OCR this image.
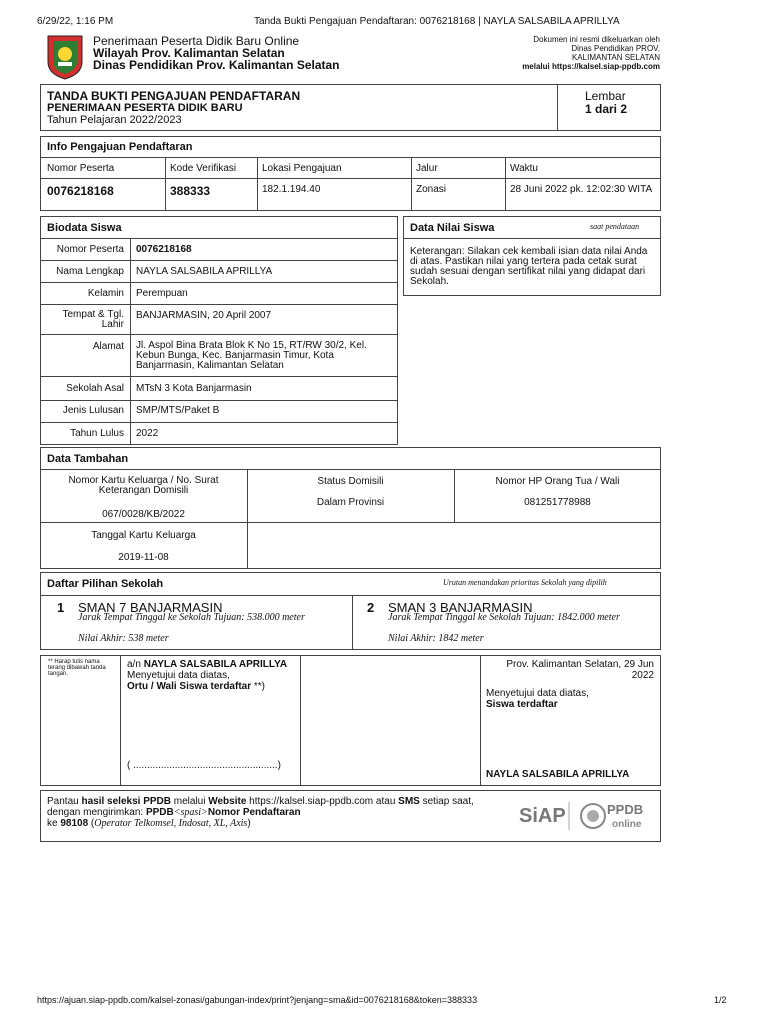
6/29/22, 1:16 PM	Tanda Bukti Pengajuan Pendaftaran: 0076218168 | NAYLA SALSABILA APRILLYA
Penerimaan Peserta Didik Baru Online
Wilayah Prov. Kalimantan Selatan
Dinas Pendidikan Prov. Kalimantan Selatan
Dokumen ini resmi dikeluarkan oleh
Dinas Pendidikan PROV.
KALIMANTAN SELATAN
melalui https://kalsel.siap-ppdb.com
TANDA BUKTI PENGAJUAN PENDAFTARAN
PENERIMAAN PESERTA DIDIK BARU
Tahun Pelajaran 2022/2023
Lembar
1 dari 2
Info Pengajuan Pendaftaran
Nomor Peserta	Kode Verifikasi	Lokasi Pengajuan	Jalur	Waktu
0076218168	388333	182.1.194.40	Zonasi	28 Juni 2022 pk. 12:02:30 WITA
Biodata Siswa
Nomor Peserta 0076218168
Nama Lengkap NAYLA SALSABILA APRILLYA
Kelamin Perempuan
Tempat & Tgl. Lahir
BANJARMASIN, 20 April 2007
Alamat Jl. Aspol Bina Brata Blok K No 15, RT/RW 30/2, Kel. Kebun Bunga, Kec. Banjarmasin Timur, Kota Banjarmasin, Kalimantan Selatan
Sekolah Asal MTsN 3 Kota Banjarmasin
Jenis Lulusan SMP/MTS/Paket B
Tahun Lulus 2022
Data Nilai Siswa	saat pendataan
Keterangan: Silakan cek kembali isian data nilai Anda di atas. Pastikan nilai yang tertera pada cetak surat sudah sesuai dengan sertifikat nilai yang didapat dari Sekolah.
Data Tambahan
Nomor Kartu Keluarga / No. Surat Keterangan Domisili
067/0028/KB/2022
Status Domisili
Dalam Provinsi
Nomor HP Orang Tua / Wali
081251778988
Tanggal Kartu Keluarga
2019-11-08
Daftar Pilihan Sekolah	Urutan menandakan prioritas Sekolah yang dipilih
1 SMAN 7 BANJARMASIN
Jarak Tempat Tinggal ke Sekolah Tujuan: 538.000 meter
Nilai Akhir: 538 meter
2 SMAN 3 BANJARMASIN
Jarak Tempat Tinggal ke Sekolah Tujuan: 1842.000 meter
Nilai Akhir: 1842 meter
** Harap tulis nama terang dibawah tanda tangan.
a/n NAYLA SALSABILA APRILLYA
Menyetujui data diatas,
Ortu / Wali Siswa terdaftar **)
( ....................................................)
Prov. Kalimantan Selatan, 29 Jun 2022
Menyetujui data diatas,
Siswa terdaftar
NAYLA SALSABILA APRILLYA
Pantau hasil seleksi PPDB melalui Website https://kalsel.siap-ppdb.com atau SMS setiap saat,
dengan mengirimkan: PPDB<spasi>Nomor Pendaftaran
ke 98108 (Operator Telkomsel, Indosat, XL, Axis)	SiAP	PPDB
online
https://ajuan.siap-ppdb.com/kalsel-zonasi/gabungan-index/print?jenjang=sma&id=0076218168&token=388333	1/2
